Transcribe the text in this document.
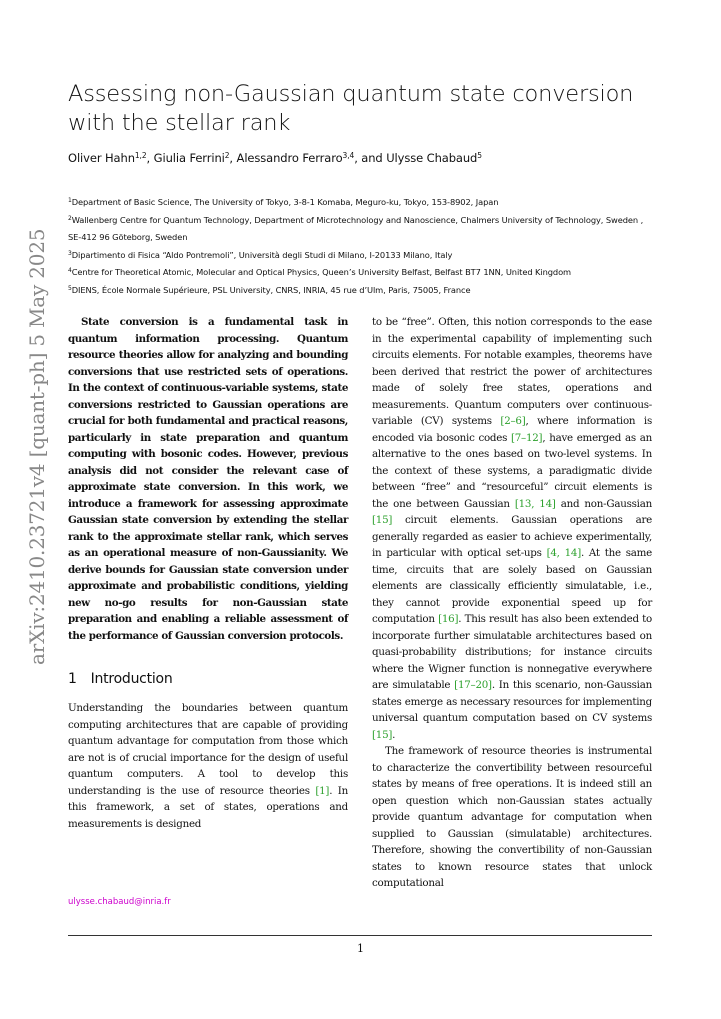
Assessing non-Gaussian quantum state conversion with the stellar rank
Oliver Hahn$^{1,2}$, Giulia Ferrini$^2$, Alessandro Ferraro$^{3,4}$, and Ulysse Chabaud$^5$
$^1$Department of Basic Science, The University of Tokyo, 3-8-1 Komaba, Meguro-ku, Tokyo, 153-8902, Japan
$^2$Wallenberg Centre for Quantum Technology, Department of Microtechnology and Nanoscience, Chalmers University of Technology, Sweden , SE-412 96 Göteborg, Sweden
$^3$Dipartimento di Fisica “Aldo Pontremoli”, Università degli Studi di Milano, I-20133 Milano, Italy
$^4$Centre for Theoretical Atomic, Molecular and Optical Physics, Queen’s University Belfast, Belfast BT7 1NN, United Kingdom
$^5$DIENS, École Normale Supérieure, PSL University, CNRS, INRIA, 45 rue d’Ulm, Paris, 75005, France
arXiv:2410.23721v4 [quant-ph] 5 May 2025	State conversion is a fundamental task in quantum information processing. Quantum resource theories allow for analyzing and bounding conversions that use restricted sets of operations. In the context of continuous-variable systems, state conversions restricted to Gaussian operations are crucial for both fundamental and practical reasons, particularly in state preparation and quantum computing with bosonic codes. However, previous analysis did not consider the relevant case of approximate state conversion. In this work, we introduce a framework for assessing approximate Gaussian state conversion by extending the stellar rank to the approximate stellar rank, which serves as an operational measure of non-Gaussianity. We derive bounds for Gaussian state conversion under approximate and probabilistic conditions, yielding new no-go results for non-Gaussian state preparation and enabling a reliable assessment of the performance of Gaussian conversion protocols.

1 Introduction

Understanding the boundaries between quantum computing architectures that are capable of providing quantum advantage for computation from those which are not is of crucial importance for the design of useful quantum computers. A tool to develop this understanding is the use of resource theories [1]. In this framework, a set of states, operations and measurements is designed

to be “free”. Often, this notion corresponds to the ease in the experimental capability of implementing such circuits elements. For notable examples, theorems have been derived that restrict the power of architectures made of solely free states, operations and measurements. Quantum computers over continuous-variable (CV) systems [2–6], where information is encoded via bosonic codes [7–12], have emerged as an alternative to the ones based on two-level systems. In the context of these systems, a paradigmatic divide between “free” and “resourceful” circuit elements is the one between Gaussian [13, 14] and non-Gaussian [15] circuit elements. Gaussian operations are generally regarded as easier to achieve experimentally, in particular with optical set-ups [4, 14]. At the same time, circuits that are solely based on Gaussian elements are classically efficiently simulatable, i.e., they cannot provide exponential speed up for computation [16]. This result has also been extended to incorporate further simulatable architectures based on quasi-probability distributions; for instance circuits where the Wigner function is nonnegative everywhere are simulatable [17–20]. In this scenario, non-Gaussian states emerge as necessary resources for implementing universal quantum computation based on CV systems [15].

The framework of resource theories is instrumental to characterize the convertibility between resourceful states by means of free operations. It is indeed still an open question which non-Gaussian states actually provide quantum advantage for computation when supplied to Gaussian (simulatable) architectures. Therefore, showing the convertibility of non-Gaussian states to known resource states that unlock computational

ulysse.chabaud@inria.fr
1
